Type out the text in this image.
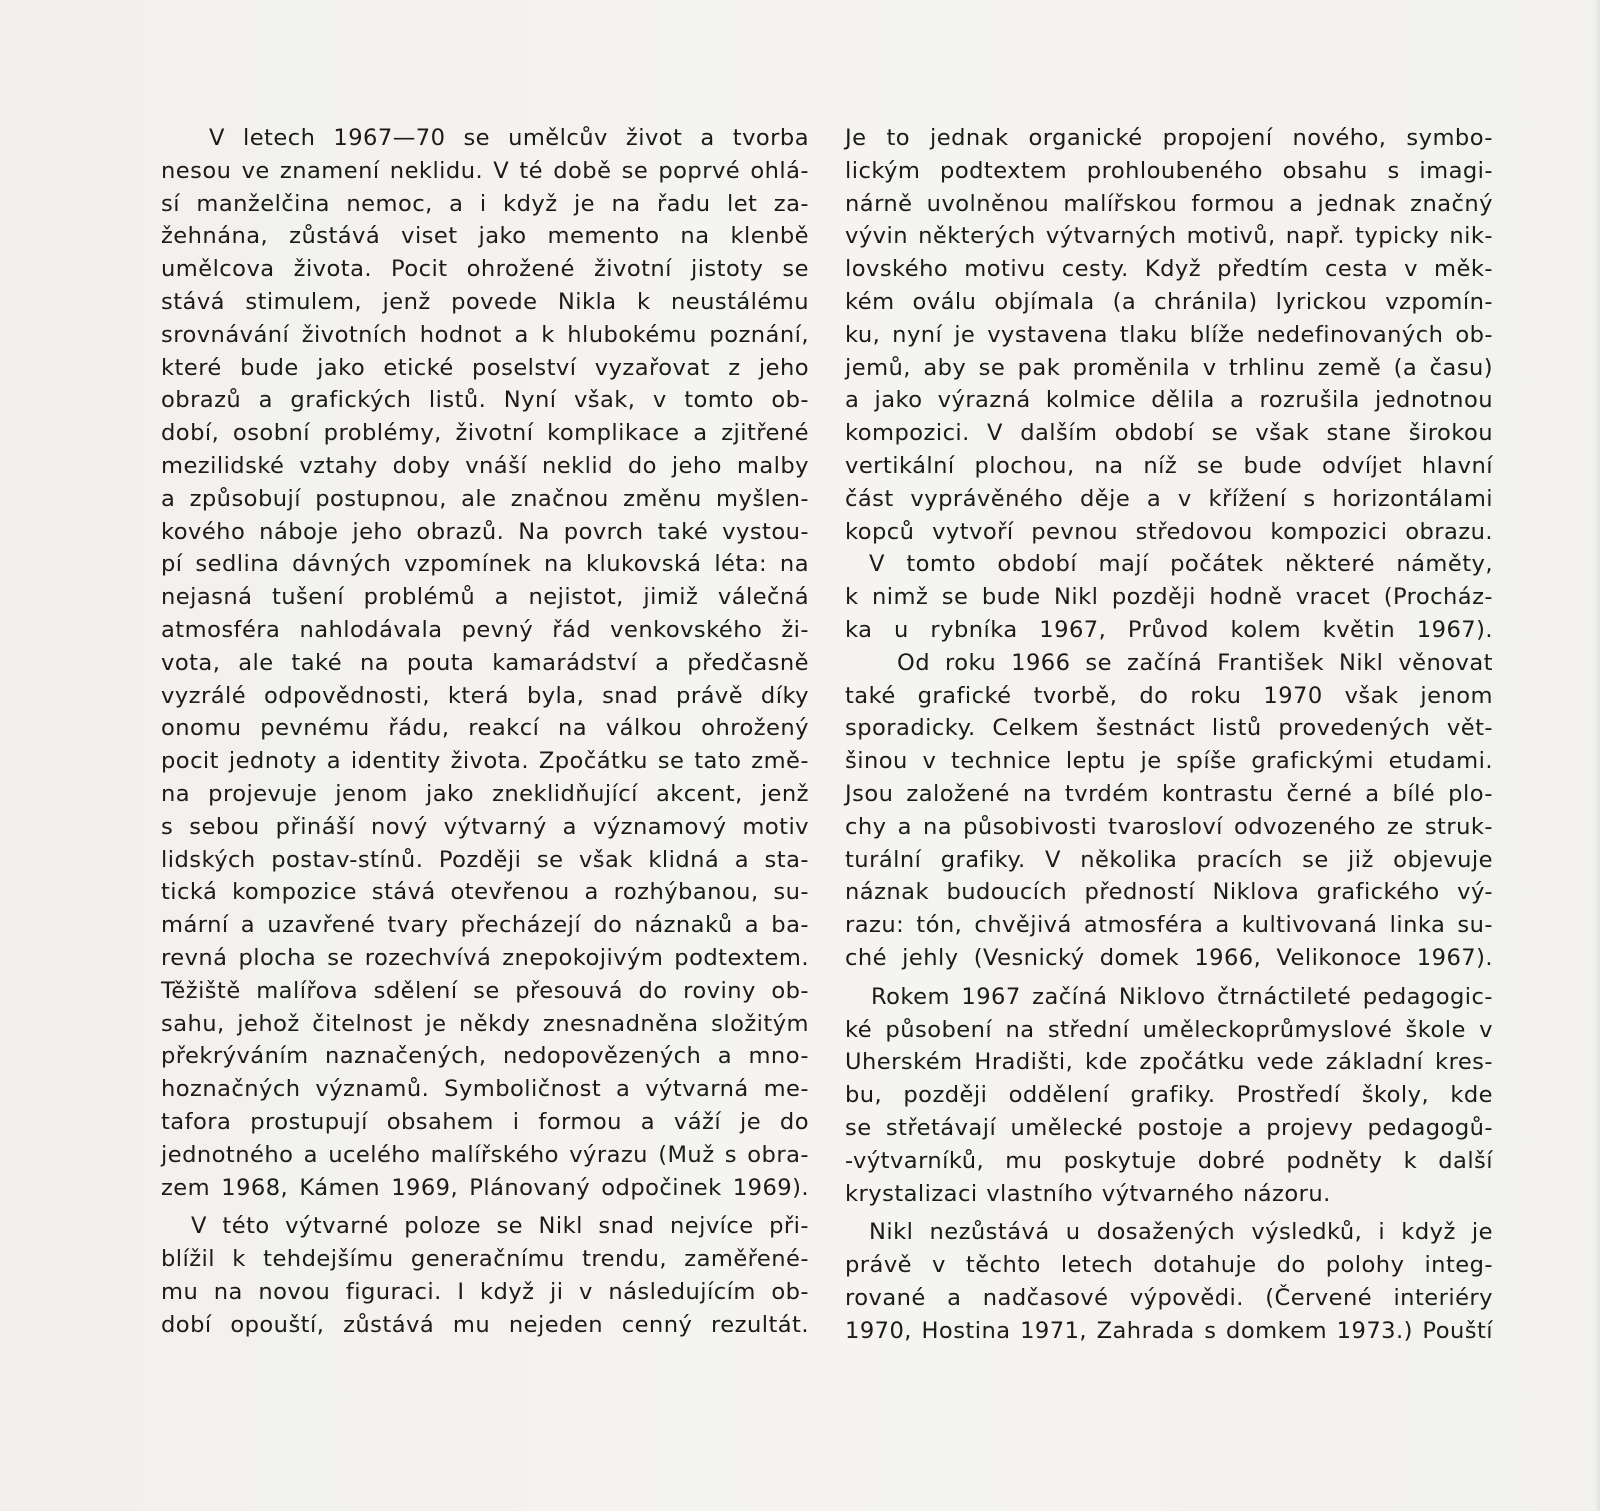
V letech 1967—70 se umělcův život a tvorba
nesou ve znamení neklidu. V té době se poprvé ohlá-
sí manželčina nemoc, a i když je na řadu let za-
žehnána, zůstává viset jako memento na klenbě
umělcova života. Pocit ohrožené životní jistoty se
stává stimulem, jenž povede Nikla k neustálému
srovnávání životních hodnot a k hlubokému poznání,
které bude jako etické poselství vyzařovat z jeho
obrazů a grafických listů. Nyní však, v tomto ob-
dobí, osobní problémy, životní komplikace a zjitřené
mezilidské vztahy doby vnáší neklid do jeho malby
a způsobují postupnou, ale značnou změnu myšlen-
kového náboje jeho obrazů. Na povrch také vystou-
pí sedlina dávných vzpomínek na klukovská léta: na
nejasná tušení problémů a nejistot, jimiž válečná
atmosféra nahlodávala pevný řád venkovského ži-
vota, ale také na pouta kamarádství a předčasně
vyzrálé odpovědnosti, která byla, snad právě díky
onomu pevnému řádu, reakcí na válkou ohrožený
pocit jednoty a identity života. Zpočátku se tato změ-
na projevuje jenom jako zneklidňující akcent, jenž
s sebou přináší nový výtvarný a významový motiv
lidských postav-stínů. Později se však klidná a sta-
tická kompozice stává otevřenou a rozhýbanou, su-
mární a uzavřené tvary přecházejí do náznaků a ba-
revná plocha se rozechvívá znepokojivým podtextem.
Těžiště malířova sdělení se přesouvá do roviny ob-
sahu, jehož čitelnost je někdy znesnadněna složitým
překrýváním naznačených, nedopovězených a mno-
hoznačných významů. Symboličnost a výtvarná me-
tafora prostupují obsahem i formou a váží je do
jednotného a ucelého malířského výrazu (Muž s obra-
zem 1968, Kámen 1969, Plánovaný odpočinek 1969).
V této výtvarné poloze se Nikl snad nejvíce při-
blížil k tehdejšímu generačnímu trendu, zaměřené-
mu na novou figuraci. I když ji v následujícím ob-
dobí opouští, zůstává mu nejeden cenný rezultát.
Je to jednak organické propojení nového, symbo-
lickým podtextem prohloubeného obsahu s imagi-
nárně uvolněnou malířskou formou a jednak značný
vývin některých výtvarných motivů, např. typicky nik-
lovského motivu cesty. Když předtím cesta v měk-
kém oválu objímala (a chránila) lyrickou vzpomín-
ku, nyní je vystavena tlaku blíže nedefinovaných ob-
jemů, aby se pak proměnila v trhlinu země (a času)
a jako výrazná kolmice dělila a rozrušila jednotnou
kompozici. V dalším období se však stane širokou
vertikální plochou, na níž se bude odvíjet hlavní
část vyprávěného děje a v křížení s horizontálami
kopců vytvoří pevnou středovou kompozici obrazu.
V tomto období mají počátek některé náměty,
k nimž se bude Nikl později hodně vracet (Procház-
ka u rybníka 1967, Průvod kolem květin 1967).
Od roku 1966 se začíná František Nikl věnovat
také grafické tvorbě, do roku 1970 však jenom
sporadicky. Celkem šestnáct listů provedených vět-
šinou v technice leptu je spíše grafickými etudami.
Jsou založené na tvrdém kontrastu černé a bílé plo-
chy a na působivosti tvarosloví odvozeného ze struk-
turální grafiky. V několika pracích se již objevuje
náznak budoucích předností Niklova grafického vý-
razu: tón, chvějivá atmosféra a kultivovaná linka su-
ché jehly (Vesnický domek 1966, Velikonoce 1967).
Rokem 1967 začíná Niklovo čtrnáctileté pedagogic-
ké působení na střední uměleckoprůmyslové škole v
Uherském Hradišti, kde zpočátku vede základní kres-
bu, později oddělení grafiky. Prostředí školy, kde
se střetávají umělecké postoje a projevy pedagogů-
-výtvarníků, mu poskytuje dobré podněty k další
krystalizaci vlastního výtvarného názoru.
Nikl nezůstává u dosažených výsledků, i když je
právě v těchto letech dotahuje do polohy integ-
rované a nadčasové výpovědi. (Červené interiéry
1970, Hostina 1971, Zahrada s domkem 1973.) Pouští
